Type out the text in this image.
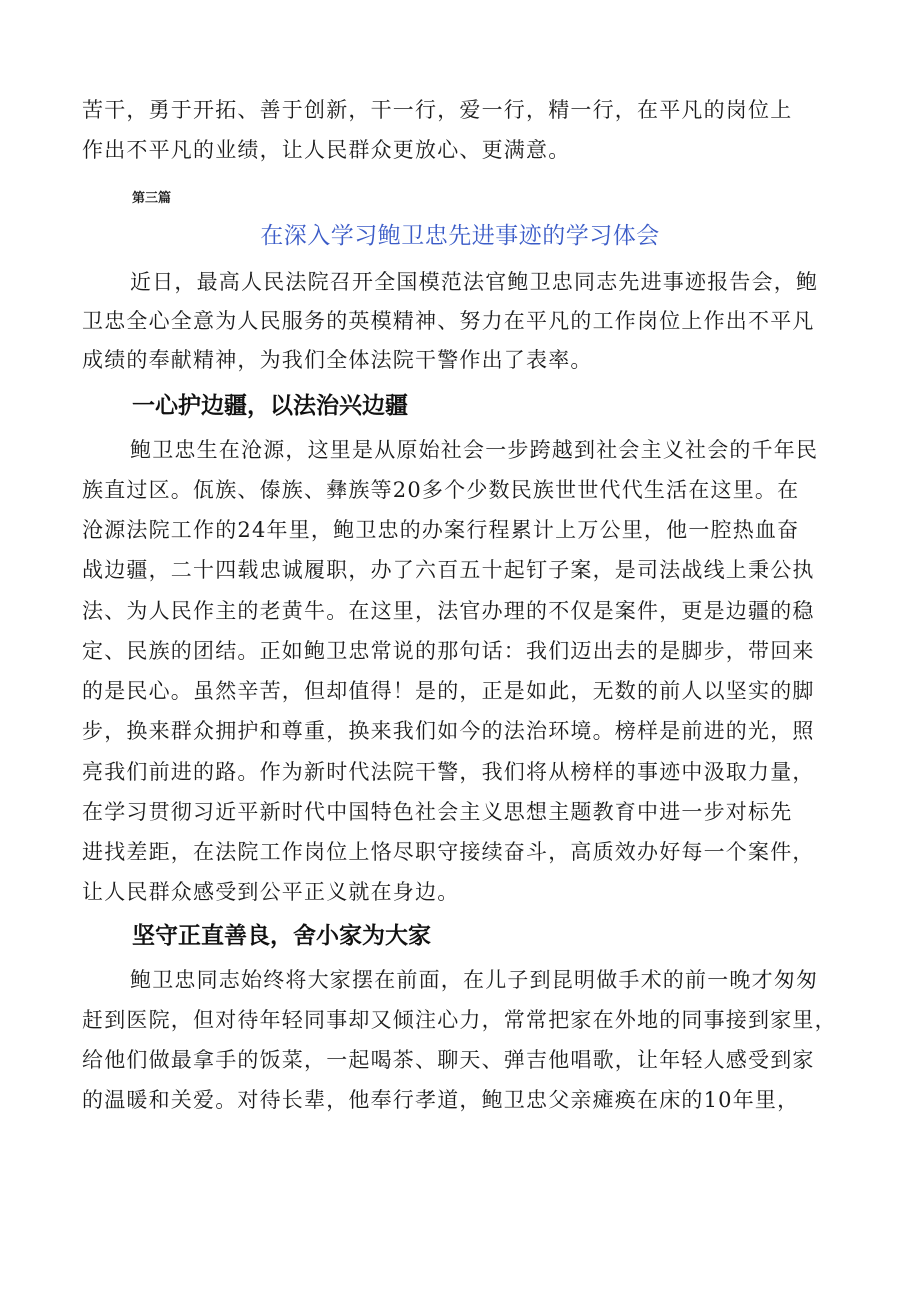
苦干，勇于开拓、善于创新，干一行，爱一行，精一行，在平凡的岗位上
作出不平凡的业绩，让人民群众更放心、更满意。
第三篇
在深入学习鲍卫忠先进事迹的学习体会
近日，最高人民法院召开全国模范法官鲍卫忠同志先进事迹报告会，鲍
卫忠全心全意为人民服务的英模精神、努力在平凡的工作岗位上作出不平凡
成绩的奉献精神，为我们全体法院干警作出了表率。
一心护边疆，以法治兴边疆
鲍卫忠生在沧源，这里是从原始社会一步跨越到社会主义社会的千年民
族直过区。佤族、傣族、彝族等20多个少数民族世世代代生活在这里。在
沧源法院工作的24年里，鲍卫忠的办案行程累计上万公里，他一腔热血奋
战边疆，二十四载忠诚履职，办了六百五十起钉子案，是司法战线上秉公执
法、为人民作主的老黄牛。在这里，法官办理的不仅是案件，更是边疆的稳
定、民族的团结。正如鲍卫忠常说的那句话：我们迈出去的是脚步，带回来
的是民心。虽然辛苦，但却值得！是的，正是如此，无数的前人以坚实的脚
步，换来群众拥护和尊重，换来我们如今的法治环境。榜样是前进的光，照
亮我们前进的路。作为新时代法院干警，我们将从榜样的事迹中汲取力量，
在学习贯彻习近平新时代中国特色社会主义思想主题教育中进一步对标先
进找差距，在法院工作岗位上恪尽职守接续奋斗，高质效办好每一个案件，
让人民群众感受到公平正义就在身边。
坚守正直善良，舍小家为大家
鲍卫忠同志始终将大家摆在前面，在儿子到昆明做手术的前一晚才匆匆
赶到医院，但对待年轻同事却又倾注心力，常常把家在外地的同事接到家里，
给他们做最拿手的饭菜，一起喝茶、聊天、弹吉他唱歌，让年轻人感受到家
的温暖和关爱。对待长辈，他奉行孝道，鲍卫忠父亲瘫痪在床的10年里，
